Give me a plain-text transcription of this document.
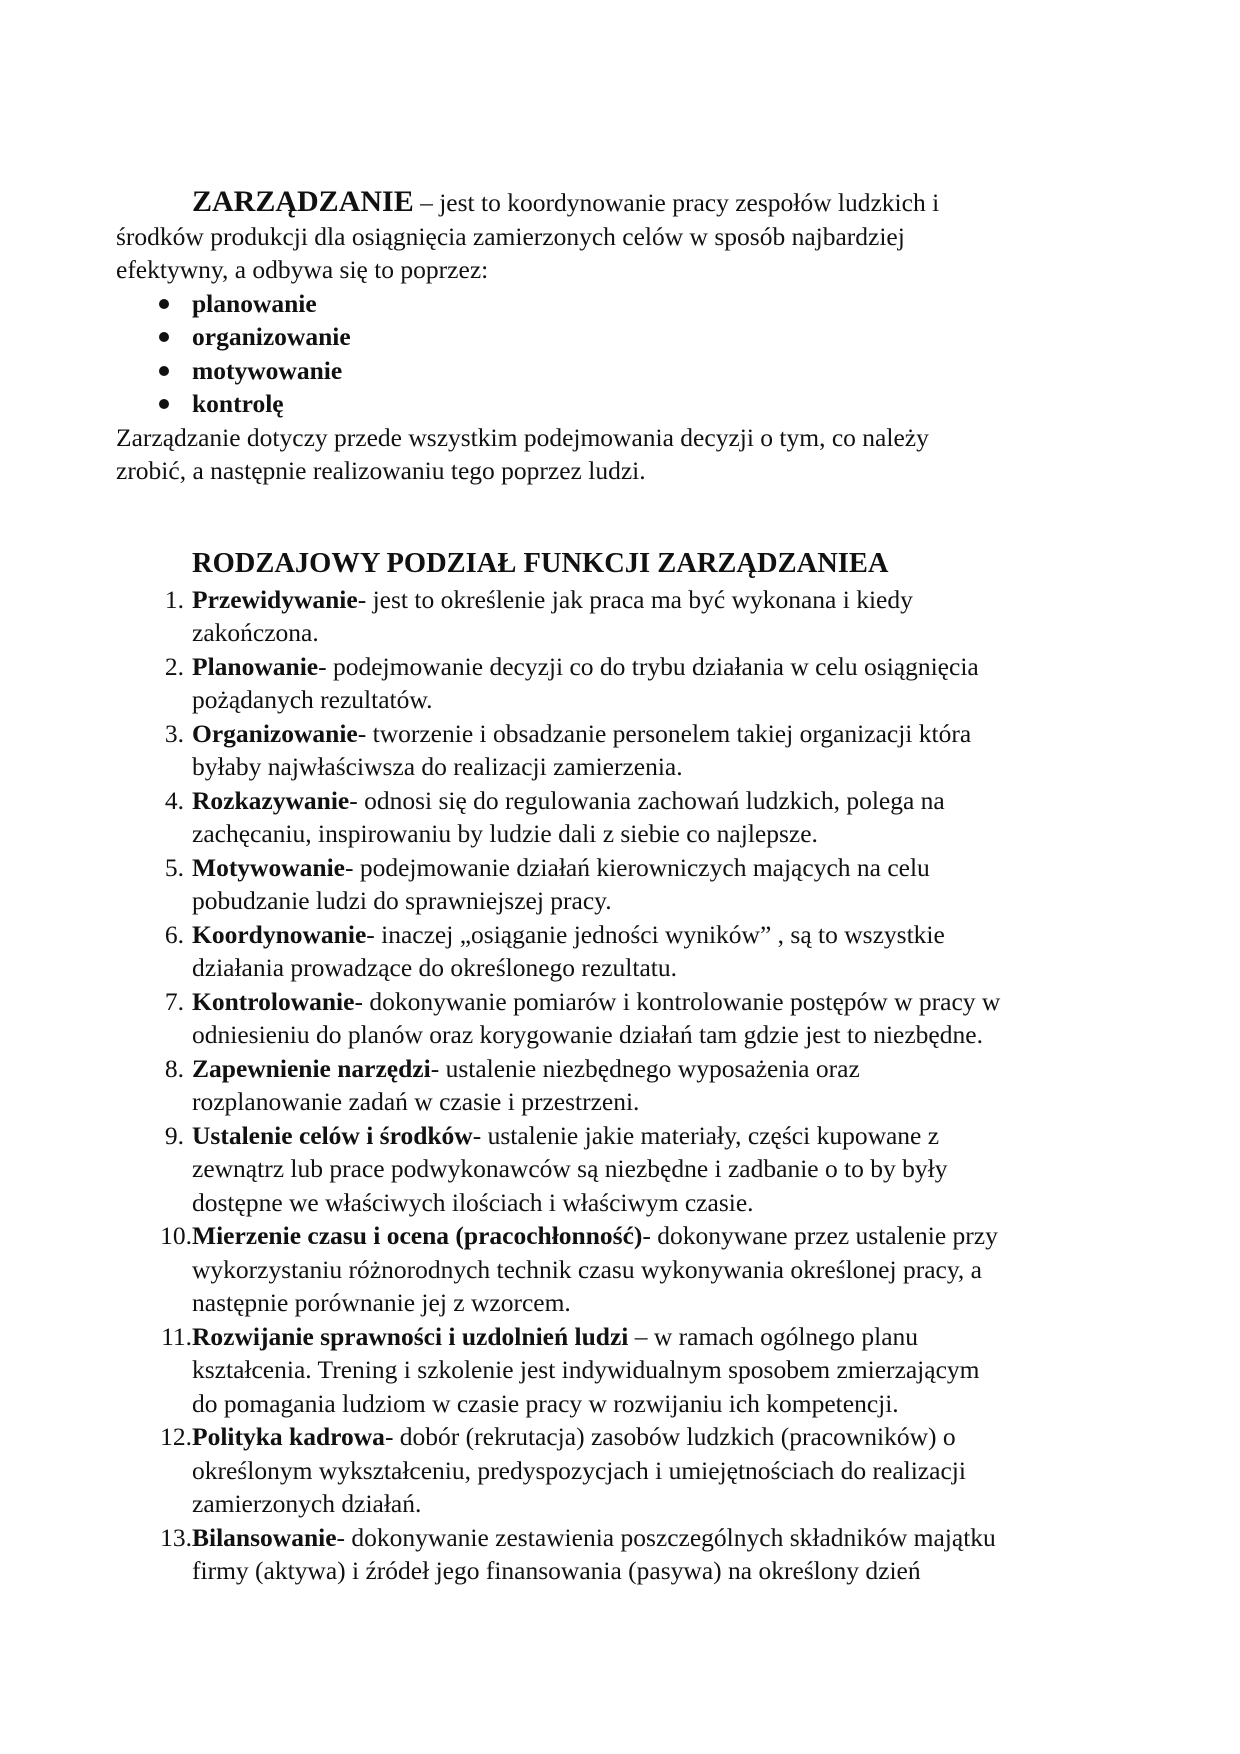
ZARZĄDZANIE – jest to koordynowanie pracy zespołów ludzkich i
środków produkcji dla osiągnięcia zamierzonych celów w sposób najbardziej
efektywny, a odbywa się to poprzez:

planowanie
organizowanie
motywowanie
kontrolę

Zarządzanie dotyczy przede wszystkim podejmowania decyzji o tym, co należy
zrobić, a następnie realizowaniu tego poprzez ludzi.

RODZAJOWY PODZIAŁ FUNKCJI ZARZĄDZANIEA
1. Przewidywanie- jest to określenie jak praca ma być wykonana i kiedy
zakończona.
2. Planowanie- podejmowanie decyzji co do trybu działania w celu osiągnięcia
pożądanych rezultatów.
3. Organizowanie- tworzenie i obsadzanie personelem takiej organizacji która
byłaby najwłaściwsza do realizacji zamierzenia.
4. Rozkazywanie- odnosi się do regulowania zachowań ludzkich, polega na
zachęcaniu, inspirowaniu by ludzie dali z siebie co najlepsze.
5. Motywowanie- podejmowanie działań kierowniczych mających na celu
pobudzanie ludzi do sprawniejszej pracy.
6. Koordynowanie- inaczej „osiąganie jedności wyników” , są to wszystkie
działania prowadzące do określonego rezultatu.
7. Kontrolowanie- dokonywanie pomiarów i kontrolowanie postępów w pracy w
odniesieniu do planów oraz korygowanie działań tam gdzie jest to niezbędne.
8. Zapewnienie narzędzi- ustalenie niezbędnego wyposażenia oraz
rozplanowanie zadań w czasie i przestrzeni.
9. Ustalenie celów i środków- ustalenie jakie materiały, części kupowane z
zewnątrz lub prace podwykonawców są niezbędne i zadbanie o to by były
dostępne we właściwych ilościach i właściwym czasie.
10. Mierzenie czasu i ocena (pracochłonność)- dokonywane przez ustalenie przy
wykorzystaniu różnorodnych technik czasu wykonywania określonej pracy, a
następnie porównanie jej z wzorcem.
11. Rozwijanie sprawności i uzdolnień ludzi – w ramach ogólnego planu
kształcenia. Trening i szkolenie jest indywidualnym sposobem zmierzającym
do pomagania ludziom w czasie pracy w rozwijaniu ich kompetencji.
12. Polityka kadrowa- dobór (rekrutacja) zasobów ludzkich (pracowników) o
określonym wykształceniu, predyspozycjach i umiejętnościach do realizacji
zamierzonych działań.
13. Bilansowanie- dokonywanie zestawienia poszczególnych składników majątku
firmy (aktywa) i źródeł jego finansowania (pasywa) na określony dzień
